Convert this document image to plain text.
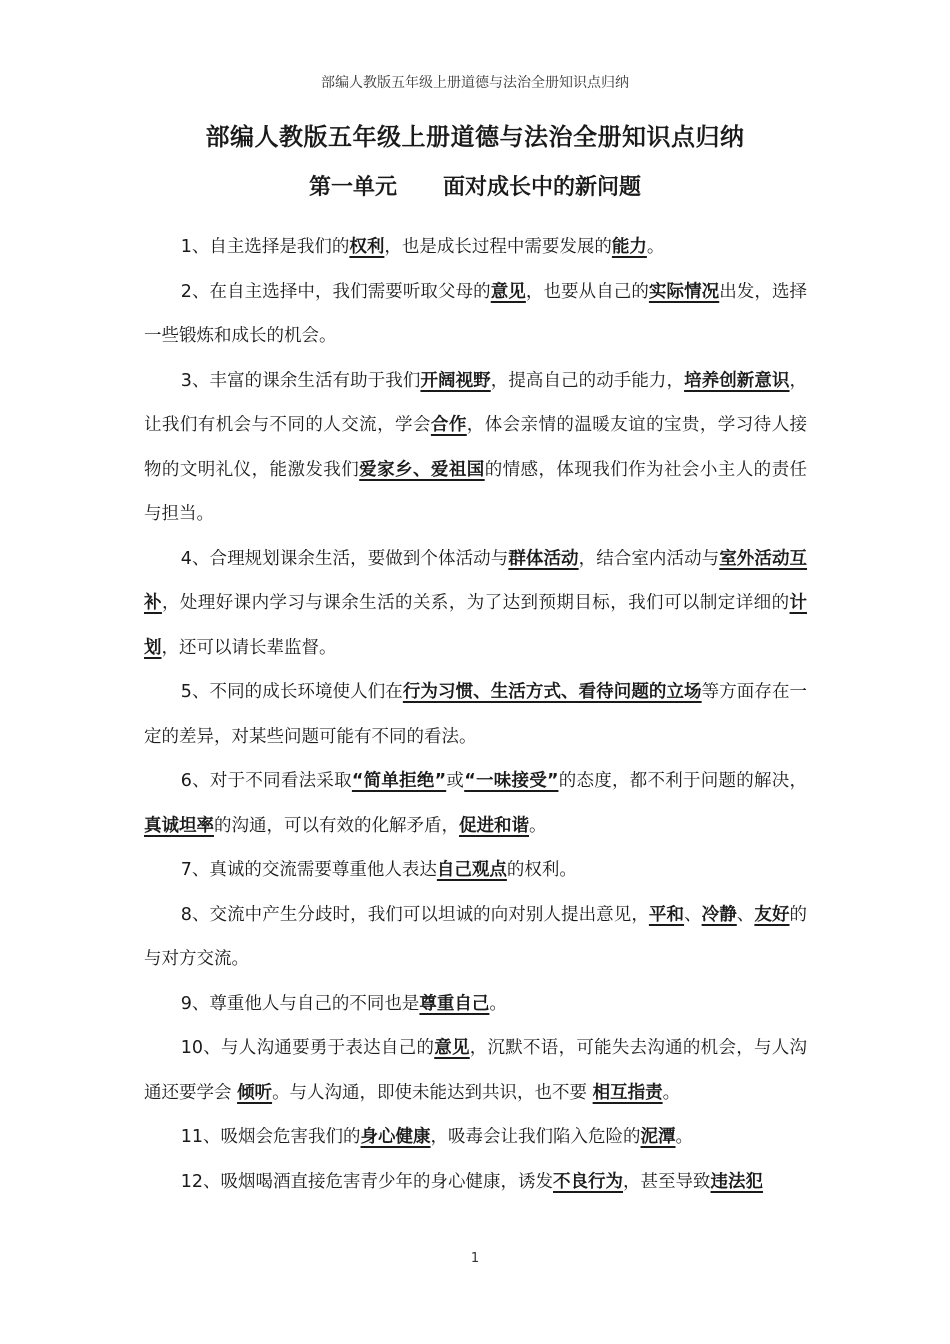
部编人教版五年级上册道德与法治全册知识点归纳
部编人教版五年级上册道德与法治全册知识点归纳
第一单元      面对成长中的新问题

1、自主选择是我们的权利，也是成长过程中需要发展的能力。

2、在自主选择中，我们需要听取父母的意见，也要从自己的实际情况出发，选择一些锻炼和成长的机会。

3、丰富的课余生活有助于我们开阔视野，提高自己的动手能力，培养创新意识，让我们有机会与不同的人交流，学会合作，体会亲情的温暖友谊的宝贵，学习待人接物的文明礼仪，能激发我们爱家乡、爱祖国的情感，体现我们作为社会小主人的责任与担当。

4、合理规划课余生活，要做到个体活动与群体活动，结合室内活动与室外活动互补，处理好课内学习与课余生活的关系，为了达到预期目标，我们可以制定详细的计划，还可以请长辈监督。

5、不同的成长环境使人们在行为习惯、生活方式、看待问题的立场等方面存在一定的差异，对某些问题可能有不同的看法。

6、对于不同看法采取“简单拒绝”或“一味接受”的态度，都不利于问题的解决，真诚坦率的沟通，可以有效的化解矛盾，促进和谐。

7、真诚的交流需要尊重他人表达自己观点的权利。

8、交流中产生分歧时，我们可以坦诚的向对别人提出意见，平和、冷静、友好的与对方交流。

9、尊重他人与自己的不同也是尊重自己。

10、与人沟通要勇于表达自己的意见，沉默不语，可能失去沟通的机会，与人沟通还要学会 倾听。与人沟通，即使未能达到共识，也不要 相互指责。

11、吸烟会危害我们的身心健康，吸毒会让我们陷入危险的泥潭。

12、吸烟喝酒直接危害青少年的身心健康，诱发不良行为，甚至导致违法犯

1
